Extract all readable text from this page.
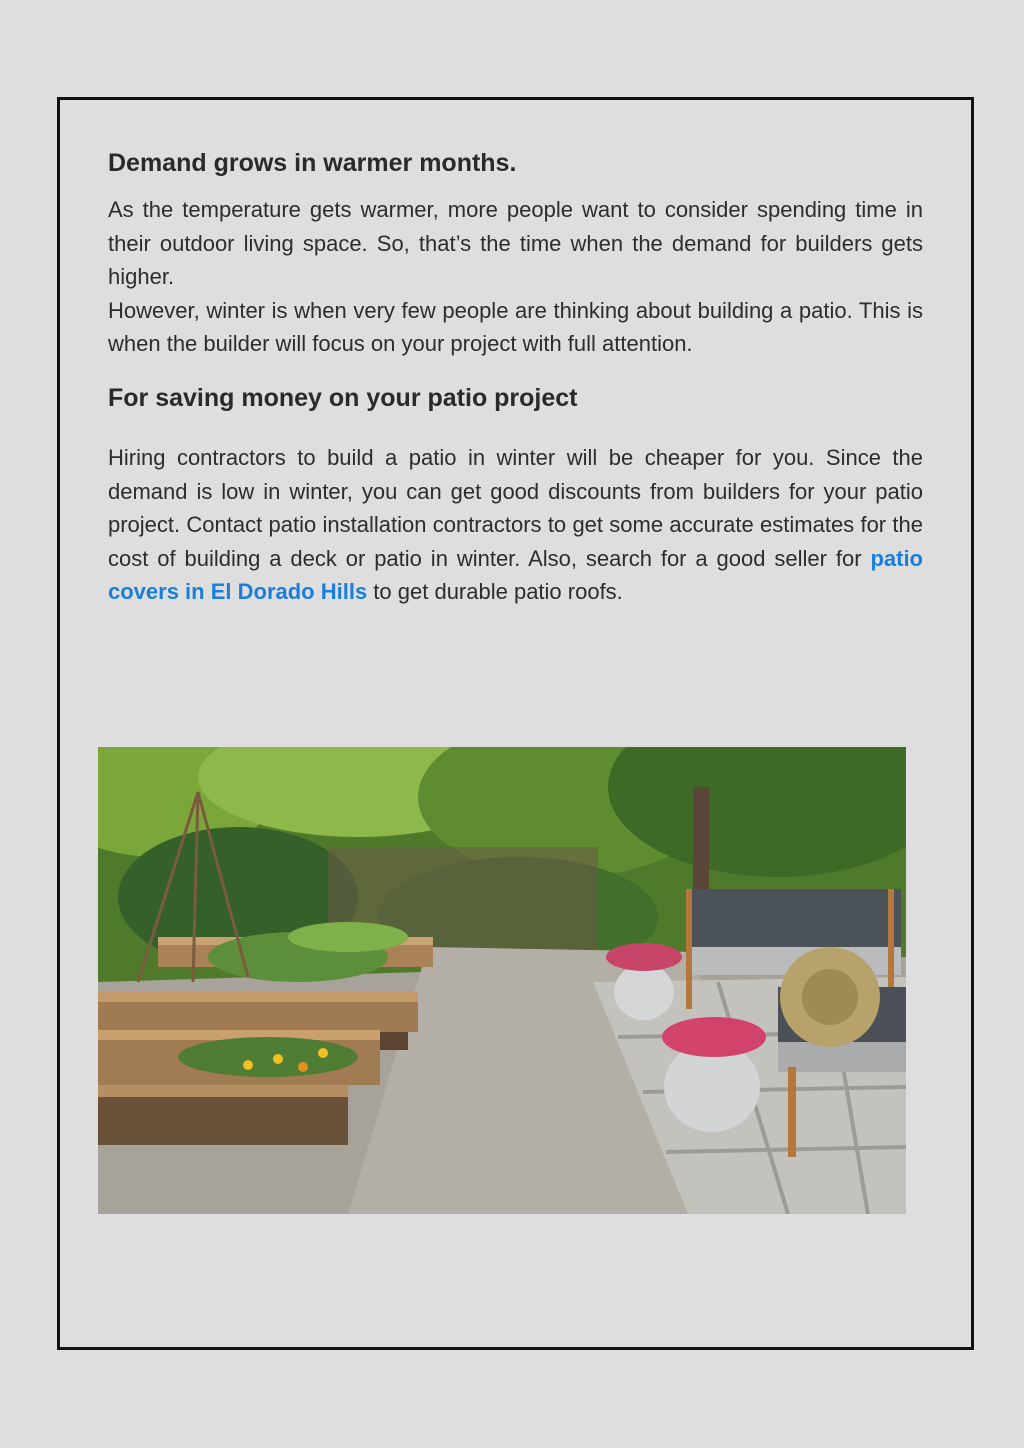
Demand grows in warmer months.

As the temperature gets warmer, more people want to consider spending time in their outdoor living space. So, that’s the time when the demand for builders gets higher.

However, winter is when very few people are thinking about building a patio. This is when the builder will focus on your project with full attention.

For saving money on your patio project

Hiring contractors to build a patio in winter will be cheaper for you. Since the demand is low in winter, you can get good discounts from builders for your patio project. Contact patio installation contractors to get some accurate estimates for the cost of building a deck or patio in winter. Also, search for a good seller for patio covers in El Dorado Hills to get durable patio roofs.
